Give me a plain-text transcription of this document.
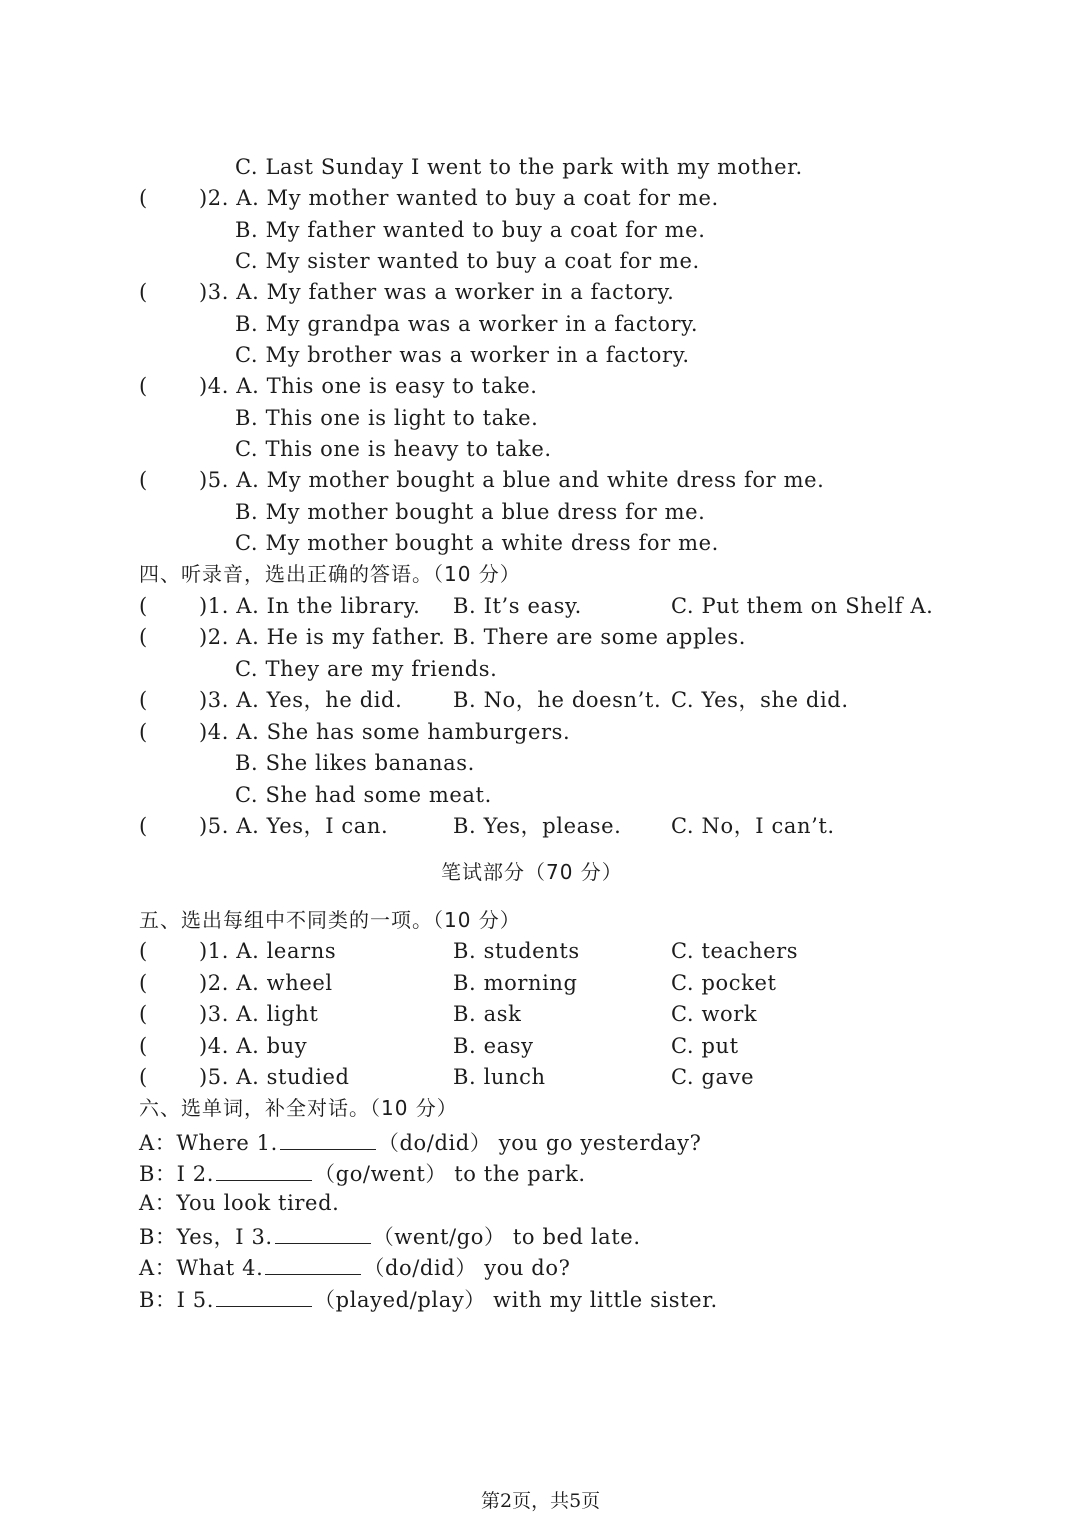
C. Last Sunday I went to the park with my mother.
( )2. A. My mother wanted to buy a coat for me.
B. My father wanted to buy a coat for me.
C. My sister wanted to buy a coat for me.
( )3. A. My father was a worker in a factory.
B. My grandpa was a worker in a factory.
C. My brother was a worker in a factory.
( )4. A. This one is easy to take.
B. This one is light to take.
C. This one is heavy to take.
( )5. A. My mother bought a blue and white dress for me.
B. My mother bought a blue dress for me.
C. My mother bought a white dress for me.
四、听录音，选出正确的答语。（10 分）
( )1. A. In the library. B. It’s easy.	C. Put them on Shelf A.
( )2. A. He is my father. B. There are some apples.
C. They are my friends.
( )3. A. Yes，he did. B. No，he doesn’t. C. Yes，she did.
( )4. A. She has some hamburgers.
B. She likes bananas.
C. She had some meat.
( )5. A. Yes，I can.	B. Yes，please. C. No，I can’t.
笔试部分（70 分）
五、选出每组中不同类的一项。（10 分）
( )1. A. learns	B. students	C. teachers
( )2. A. wheel	B. morning	C. pocket
( )3. A. light	B. ask	C. work
( )4. A. buy	B. easy	C. put
( )5. A. studied	B. lunch	C. gave
六、选单词，补全对话。（10 分）
A：Where 1.	（do/did） you go yesterday?
B：I 2.	（go/went） to the park.
A：You look tired.
B：Yes，I 3.	（went/go） to bed late.
A：What 4.	（do/did） you do?
B：I 5.	（played/play） with my little sister.
第2页，共5页
